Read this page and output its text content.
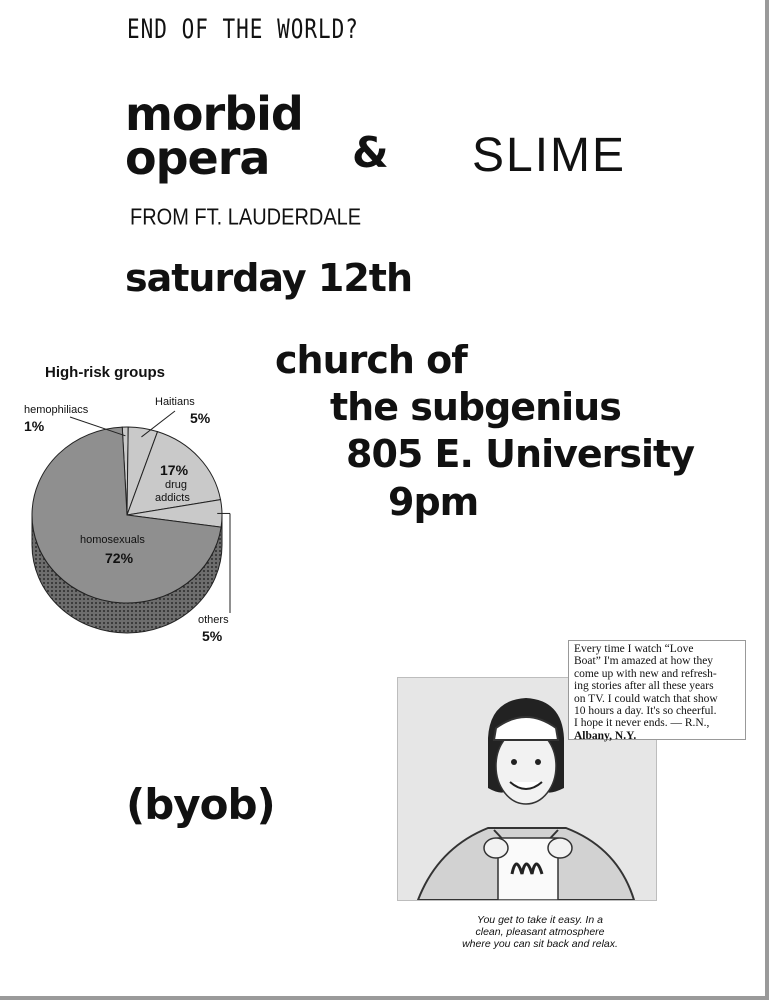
END OF THE WORLD?
morbid
opera	& SLIME
FROM FT. LAUDERDALE
saturday 12th
church of
the subgenius
805 E. University
9pm
(byob)
High-risk groups
hemophiliacs
1%
Haitians
5%
17%
drug
addicts
others
5%
homosexuals
72%
Every time I watch “Love
Boat” I'm amazed at how they
come up with new and refresh-
ing stories after all these years
on TV. I could watch that show
10 hours a day. It's so cheerful.
I hope it never ends. — R.N.,
Albany, N.Y.
You get to take it easy. In a
clean, pleasant atmosphere
where you can sit back and relax.
